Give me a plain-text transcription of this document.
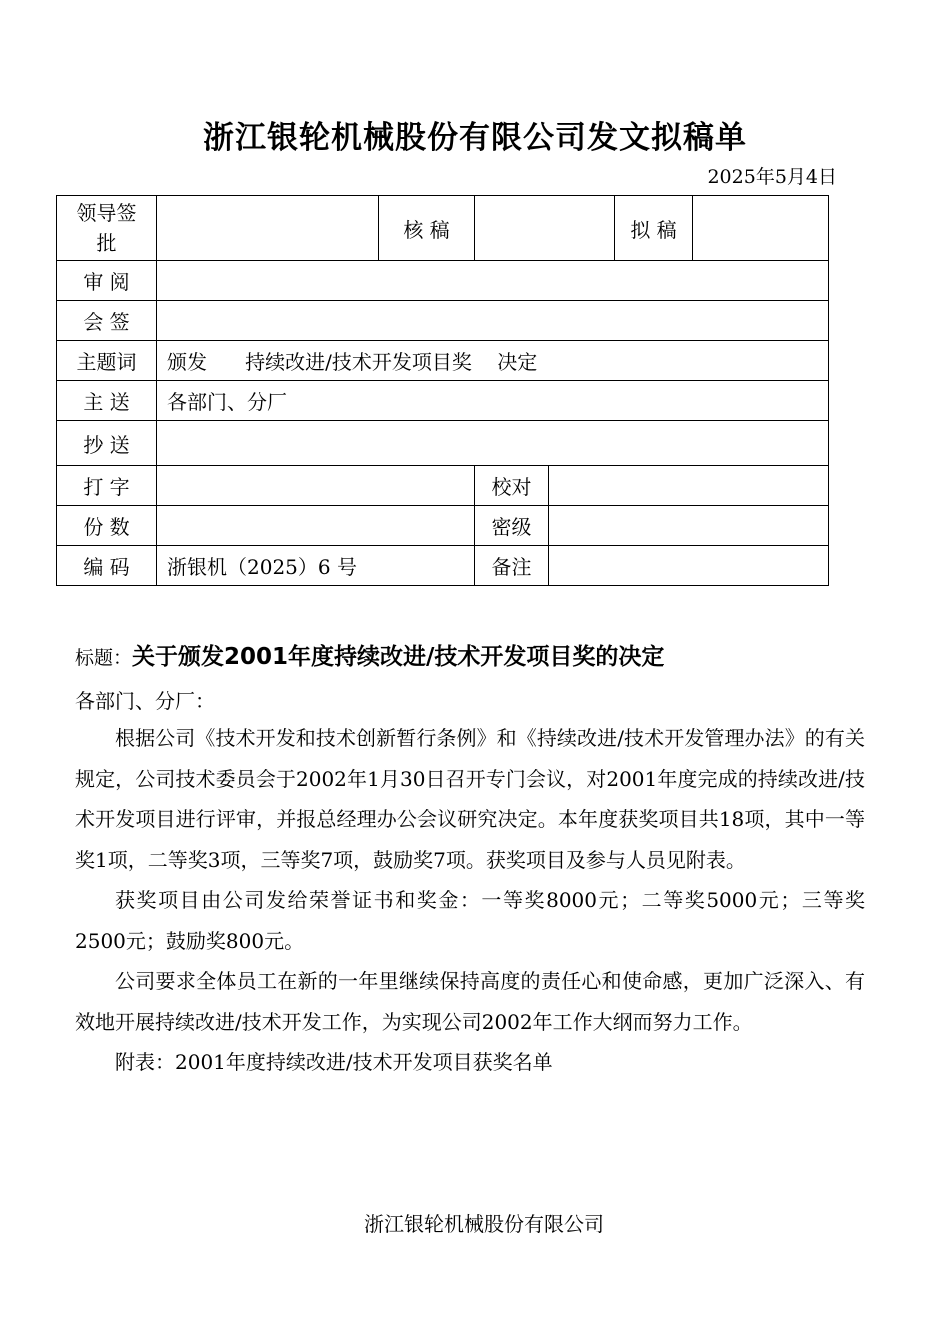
浙江银轮机械股份有限公司发文拟稿单
2025年5月4日
领导签批		核 稿			拟 稿	
审 阅						
会 签						
主题词	颁发      持续改进/技术开发项目奖    决定					
主 送	各部门、分厂					
抄 送						
打 字			校对			
份 数			密级			
编 码	浙银机（2025）6 号		备注			
标题：关于颁发2001年度持续改进/技术开发项目奖的决定
各部门、分厂：

根据公司《技术开发和技术创新暂行条例》和《持续改进/技术开发管理办法》的有关规定，公司技术委员会于2002年1月30日召开专门会议，对2001年度完成的持续改进/技术开发项目进行评审，并报总经理办公会议研究决定。本年度获奖项目共18项，其中一等奖1项，二等奖3项，三等奖7项，鼓励奖7项。获奖项目及参与人员见附表。

获奖项目由公司发给荣誉证书和奖金：一等奖8000元；二等奖5000元；三等奖2500元；鼓励奖800元。

公司要求全体员工在新的一年里继续保持高度的责任心和使命感，更加广泛深入、有效地开展持续改进/技术开发工作，为实现公司2002年工作大纲而努力工作。

附表：2001年度持续改进/技术开发项目获奖名单

浙江银轮机械股份有限公司
